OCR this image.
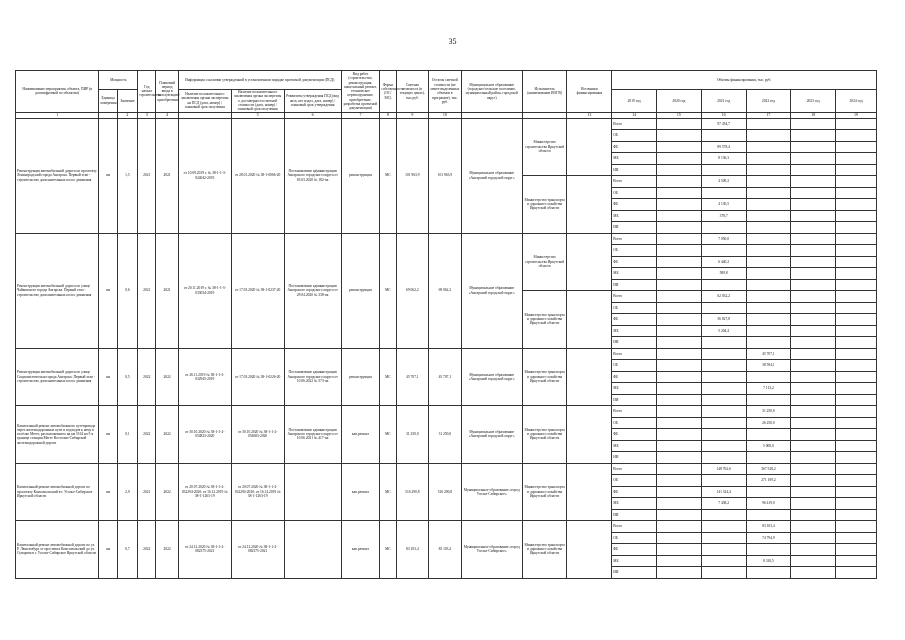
35
Наименование мероприятия, объекта, ПИР (в расшифровкой по объектам)	Мощность		Год начала строительства	Плановый период ввода в эксплуатацию/приобретения	Информация о наличии утвержденной в установленном порядке проектной документации (ПСД)			Вид работ (строительство, реконструкция, капитальный ремонт, техническое перевооружение, приобретение, разработка проектной документации)	Форма собственности (ОС/МС)	Сметная стоимость (в текущих ценах), тыс.руб.	Остаток сметной стоимости (не менее выделенных объемов в программе), тыс. руб.	Муниципальное образование (городское/сельское поселение, муниципальный район, городской округ)	Исполнитель (наименование ИОГВ)	Источники финансирования	Объемы финансирования, тыс. руб.					
	Единица измерения	Значение			Наличие положительного заключения органа экспертизы на ПСД (дата, номер) / плановый срок получения	Наличие положительного заключения органа экспертизы о достоверности сметной стоимости (дата, номер) / плановый срок получения	Реквизиты утверждения ПСД (вид акта, кто издал, дата, номер) / плановый срок утверждения								2019 год	2020 год	2021 год	2022 год	2023 год	2024 год

1		2	3	4		5	6	7	8	9	10			13	14	15	16	17	18	19
Реконструкция автомобильной дороги по проспекту Ленинградский города Ангарска. Первый этап - строительство дополнительных полос движения	км	1,5	2021	2021	от 10.09.2019 г. № 38-1-1-3-024042-2019	от 28.01.2020 № 38-1-0066-20	Постановление администрации Ангарского городского округа от 03.03.2020 № 182-па	реконструкция	МС	101 963,9	101 963,9	Муниципальное образование «Ангарский городской округ»	Министерство строительства Иркутской области		Всего		97 454,7			
															ОБ					
															ФБ		89 578,4			
															МБ		8 136,3			
															ИИ					
													Министерство транспорта и дорожного хозяйства Иркутской области		Всего		4 509,2			
															ОБ					
															ФБ		4 130,5			
															МБ		378,7			
															ИИ					
Реконструкция автомобильной дороги по улице Чайковского города Ангарска. Первый этап - строительство дополнительных полос движения	км	0,6	2021	2021	от 20.11.2019 г. № 38-1-1-3-033034-2019	от 17.03.2020 № 38-1-0237-20	Постановление администрации Ангарского городского округа от 29.04.2020 № 338-па	реконструкция	МС	69 062,2	69 062,2	Муниципальное образование «Ангарский городской округ»	Министерство строительства Иркутской области		Всего		7 050,0			
															ОБ					
															ФБ		6 440,2			
															МБ		589,8			
															ИИ					
													Министерство транспорта и дорожного хозяйства Иркутской области		Всего		62 032,2			
															ОБ					
															ФБ		56 827,8			
															МБ		5 204,4			
															ИИ					
Реконструкция автомобильной дороги по улице Социалистическая города Ангарска. Первый этап - строительство дополнительных полос движения	км	0,5	2022	2022	от 26.11.2019 № 38-1-1-3-032945-2019	от 17.03.2020 № 38-1-0226-20	Постановление администрации Ангарского городского округа от 10.06.2022 № 573-па	реконструкция	МС	45 707,1	45 707,1	Муниципальное образование «Ангарский городской округ»	Министерство транспорта и дорожного хозяйства Иркутской области		Всего			45 707,1		
															ОБ			38 594,1		
															ФБ					
															МБ			7 113,2		
															ИИ					
Капитальный ремонт автомобильного путепровода через железнодорожные пути и подходов к нему в посёлке Мегет, расположенного на км 5162 на 5-я границе станции Мегет Восточно-Сибирской железнодорожной дороги	км	0,1	2022	2022	от 30.10.2020 № 38-1-1-2-054823-2020	от 30.10.2020 № 38-1-1-2-054683-2020	Постановление администрации Ангарского городского округа от 10.06.2021 № 417-па	кап.ремонт	МС	31 250,0	31 250,0	Муниципальное образование «Ангарский городской округ»	Министерство транспорта и дорожного хозяйства Иркутской области		Всего			31 250,0		
															ОБ			26 250,0		
															ФБ					
															МБ			5 000,0		
															ИИ					
Капитальный ремонт автомобильной дороги по проспекту Комсомольский в г. Усолье-Сибирское Иркутской области	км	2,9	2021	2022	от 20.07.2020 № 38-1-1-2-032294-2020; от 16.12.2019 № 38-1-1263-19	от 20.07.2020 № 38-1-1-2-032294-2020; от 16.12.2019 № 38-1-1263-19		кап.ремонт	МС	516 290,8	516 290,8	Муниципальное образование «город Усолье-Сибирское»	Министерство транспорта и дорожного хозяйства Иркутской области		Всего		148 762,6	367 528,2		
															ОБ			271 109,2		
															ФБ		141 324,4			
															МБ		7 438,2	96 419,0		
															ИИ					
Капитальный ремонт автомобильной дороги по ул. Р. Люксембург от проспекта Комсомольский до ул. Суворова в г. Усолье-Сибирское Иркутской области	км	0,7	2022	2022	от 24.12.2020 № 38-1-1-2-082375-2021	от 24.12.2020 № 38-1-1-2-082375-2021		кап.ремонт	МС	83 103,4	83 103,4	Муниципальное образование «город Усолье-Сибирское»	Министерство транспорта и дорожного хозяйства Иркутской области		Всего			83 103,4		
															ОБ			74 794,9		
															ФБ					
															МБ			8 310,5		
															ИИ					
